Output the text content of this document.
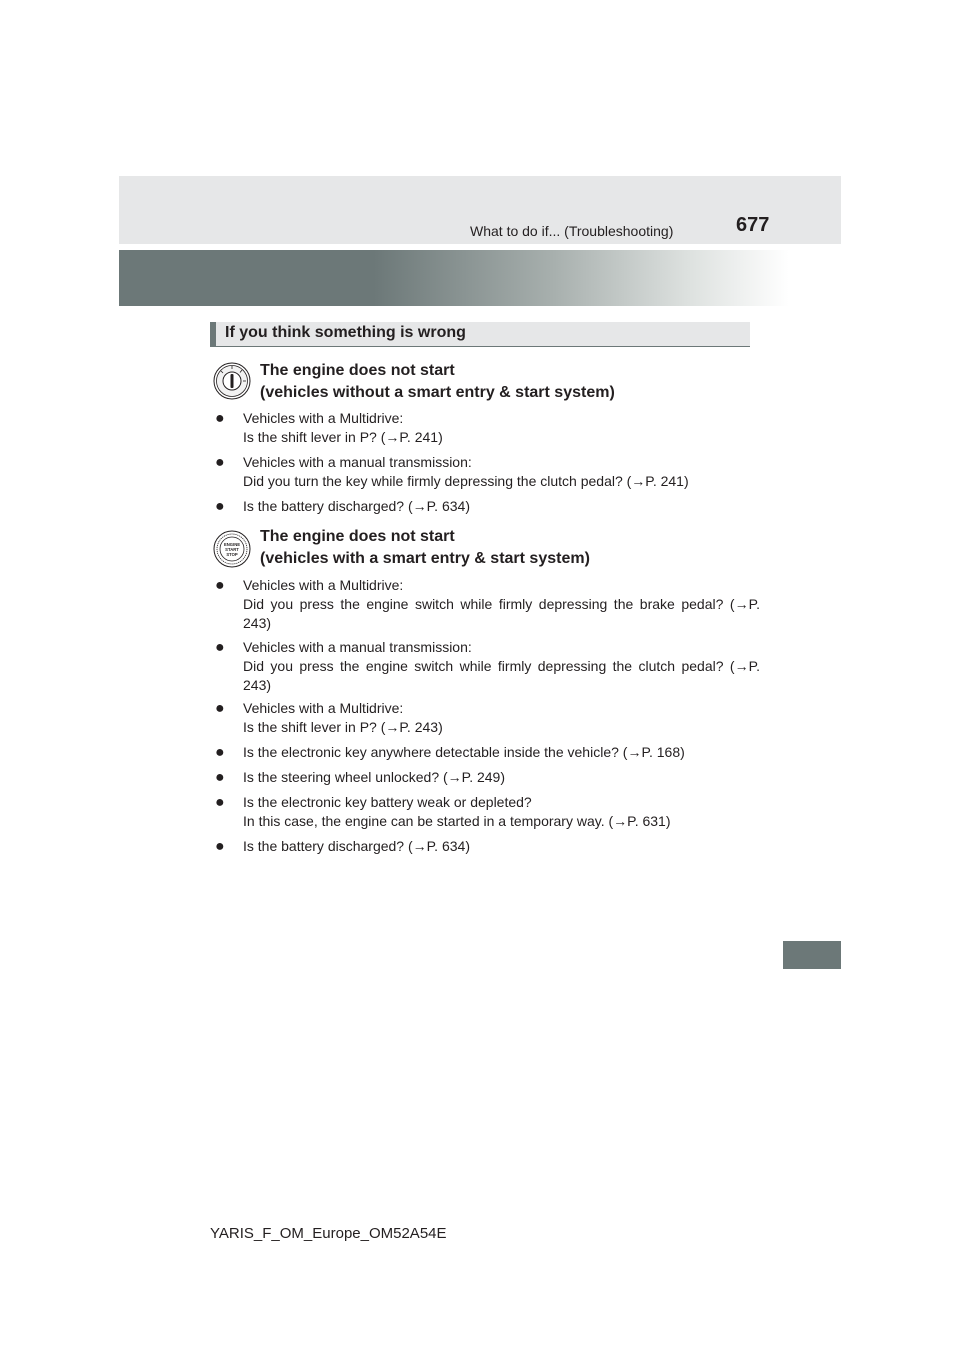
What to do if... (Troubleshooting)	677
If you think something is wrong
The engine does not start
(vehicles without a smart entry & start system)
● Vehicles with a Multidrive:
Is the shift lever in P? (→P. 241)
● Vehicles with a manual transmission:
Did you turn the key while firmly depressing the clutch pedal? (→P. 241)
● Is the battery discharged? (→P. 634)
ENGINE
START
STOP
The engine does not start
(vehicles with a smart entry & start system)
● Vehicles with a Multidrive:
Did you press the engine switch while firmly depressing the brake pedal? (→P. 243)
● Vehicles with a manual transmission:
Did you press the engine switch while firmly depressing the clutch pedal? (→P. 243)
● Vehicles with a Multidrive:
Is the shift lever in P? (→P. 243)
● Is the electronic key anywhere detectable inside the vehicle? (→P. 168)
● Is the steering wheel unlocked? (→P. 249)
● Is the electronic key battery weak or depleted?
In this case, the engine can be started in a temporary way. (→P. 631)
● Is the battery discharged? (→P. 634)
YARIS_F_OM_Europe_OM52A54E
